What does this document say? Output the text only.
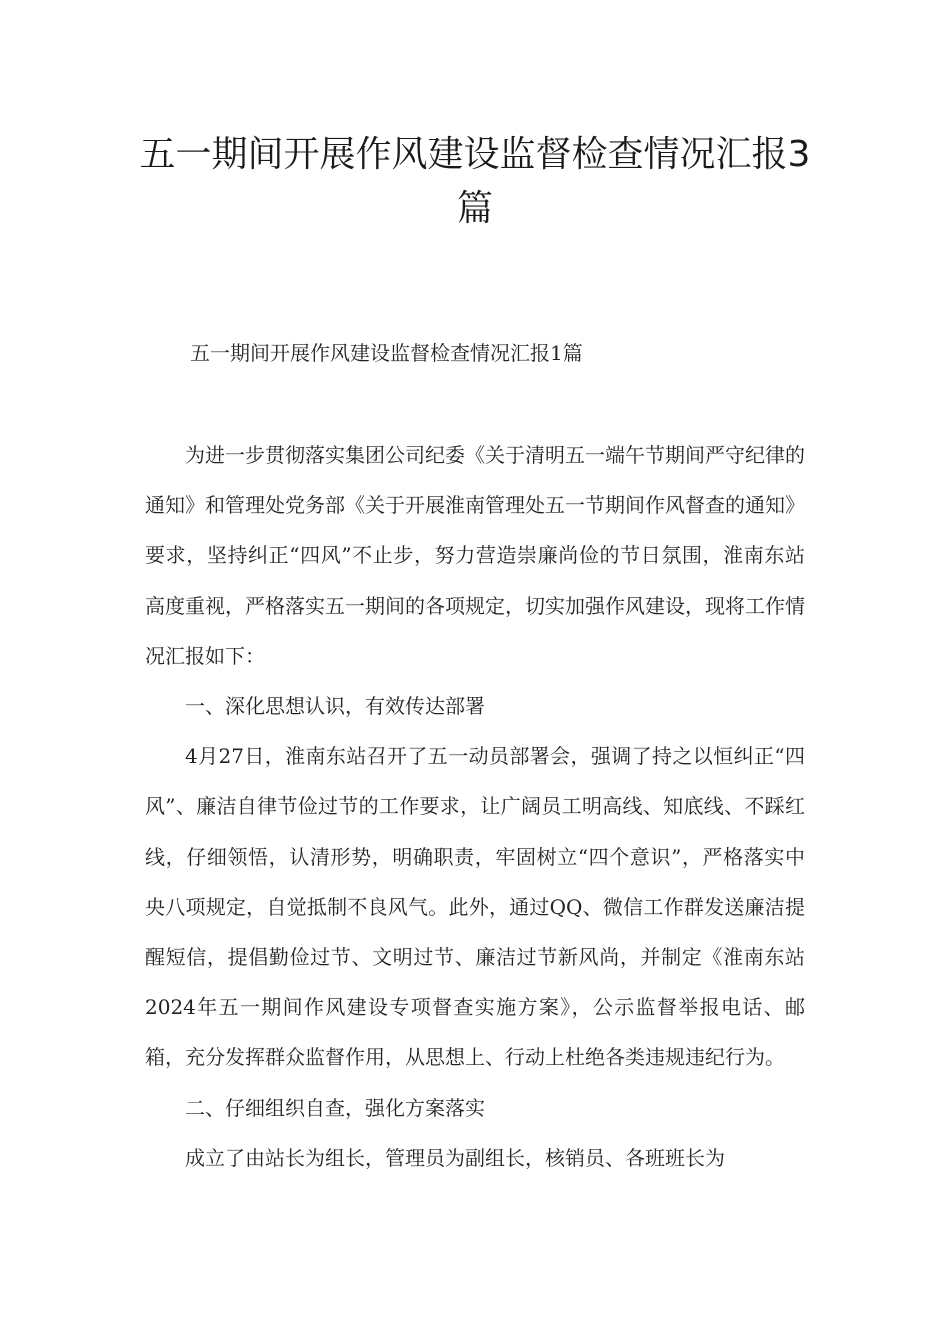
五一期间开展作风建设监督检查情况汇报3篇

五一期间开展作风建设监督检查情况汇报1篇

为进一步贯彻落实集团公司纪委《关于清明五一端午节期间严守纪律的通知》和管理处党务部《关于开展淮南管理处五一节期间作风督查的通知》要求，坚持纠正“四风”不止步，努力营造崇廉尚俭的节日氛围，淮南东站高度重视，严格落实五一期间的各项规定，切实加强作风建设，现将工作情况汇报如下：

一、深化思想认识，有效传达部署

4月27日，淮南东站召开了五一动员部署会，强调了持之以恒纠正“四风”、廉洁自律节俭过节的工作要求，让广阔员工明高线、知底线、不踩红线，仔细领悟，认清形势，明确职责，牢固树立“四个意识”，严格落实中央八项规定，自觉抵制不良风气。此外，通过QQ、微信工作群发送廉洁提醒短信，提倡勤俭过节、文明过节、廉洁过节新风尚，并制定《淮南东站2024年五一期间作风建设专项督查实施方案》，公示监督举报电话、邮箱，充分发挥群众监督作用，从思想上、行动上杜绝各类违规违纪行为。

二、仔细组织自查，强化方案落实

成立了由站长为组长，管理员为副组长，核销员、各班班长为
